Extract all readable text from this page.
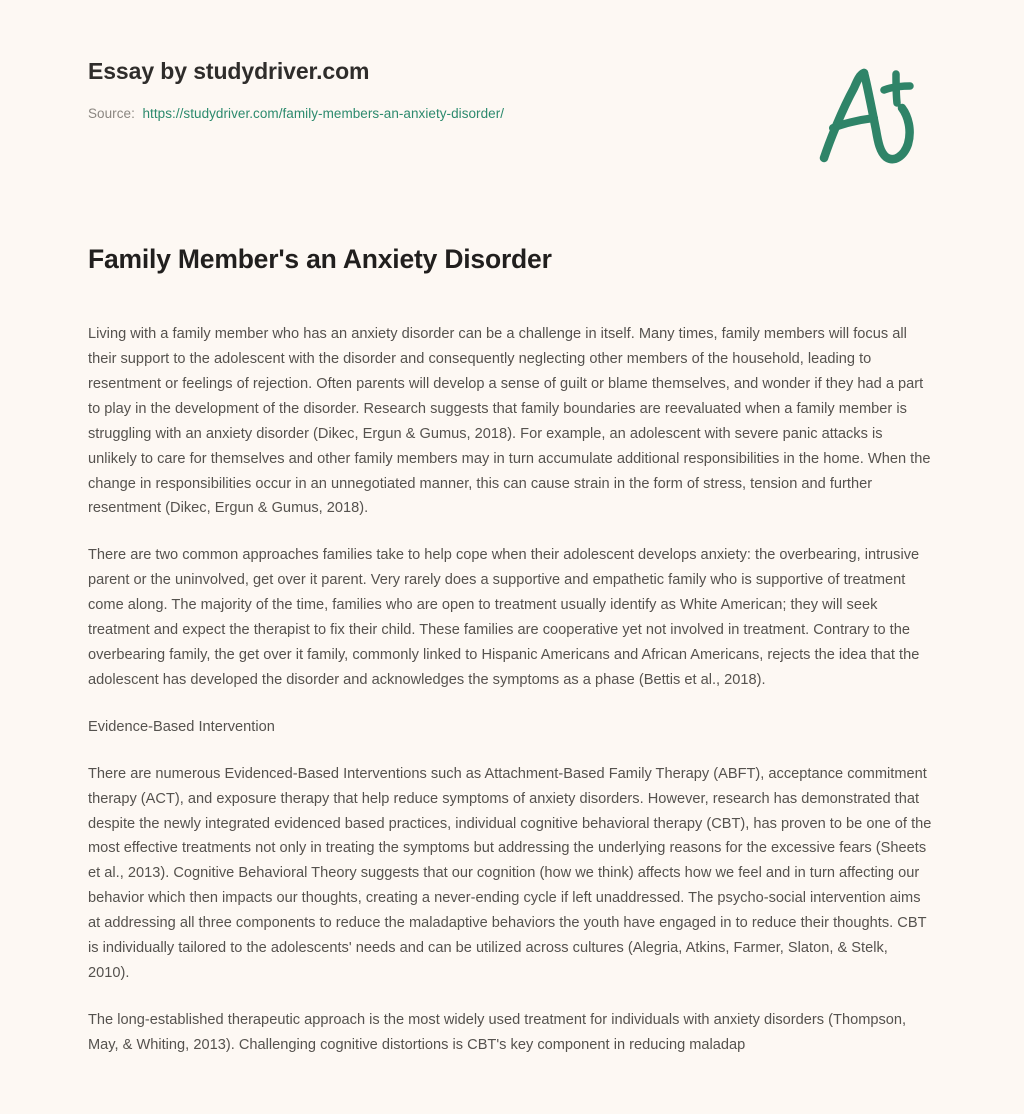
Essay by studydriver.com
Source: https://studydriver.com/family-members-an-anxiety-disorder/
Family Member's an Anxiety Disorder

Living with a family member who has an anxiety disorder can be a challenge in itself. Many times, family members will focus all their support to the adolescent with the disorder and consequently neglecting other members of the household, leading to resentment or feelings of rejection. Often parents will develop a sense of guilt or blame themselves, and wonder if they had a part to play in the development of the disorder. Research suggests that family boundaries are reevaluated when a family member is struggling with an anxiety disorder (Dikec, Ergun & Gumus, 2018). For example, an adolescent with severe panic attacks is unlikely to care for themselves and other family members may in turn accumulate additional responsibilities in the home. When the change in responsibilities occur in an unnegotiated manner, this can cause strain in the form of stress, tension and further resentment (Dikec, Ergun & Gumus, 2018).

There are two common approaches families take to help cope when their adolescent develops anxiety: the overbearing, intrusive parent or the uninvolved, get over it parent. Very rarely does a supportive and empathetic family who is supportive of treatment come along. The majority of the time, families who are open to treatment usually identify as White American; they will seek treatment and expect the therapist to fix their child. These families are cooperative yet not involved in treatment. Contrary to the overbearing family, the get over it family, commonly linked to Hispanic Americans and African Americans, rejects the idea that the adolescent has developed the disorder and acknowledges the symptoms as a phase (Bettis et al., 2018).

Evidence-Based Intervention

There are numerous Evidenced-Based Interventions such as Attachment-Based Family Therapy (ABFT), acceptance commitment therapy (ACT), and exposure therapy that help reduce symptoms of anxiety disorders. However, research has demonstrated that despite the newly integrated evidenced based practices, individual cognitive behavioral therapy (CBT), has proven to be one of the most effective treatments not only in treating the symptoms but addressing the underlying reasons for the excessive fears (Sheets et al., 2013). Cognitive Behavioral Theory suggests that our cognition (how we think) affects how we feel and in turn affecting our behavior which then impacts our thoughts, creating a never-ending cycle if left unaddressed. The psycho-social intervention aims at addressing all three components to reduce the maladaptive behaviors the youth have engaged in to reduce their thoughts. CBT is individually tailored to the adolescents' needs and can be utilized across cultures (Alegria, Atkins, Farmer, Slaton, & Stelk, 2010).

The long-established therapeutic approach is the most widely used treatment for individuals with anxiety disorders (Thompson, May, & Whiting, 2013). Challenging cognitive distortions is CBT's key component in reducing maladap
